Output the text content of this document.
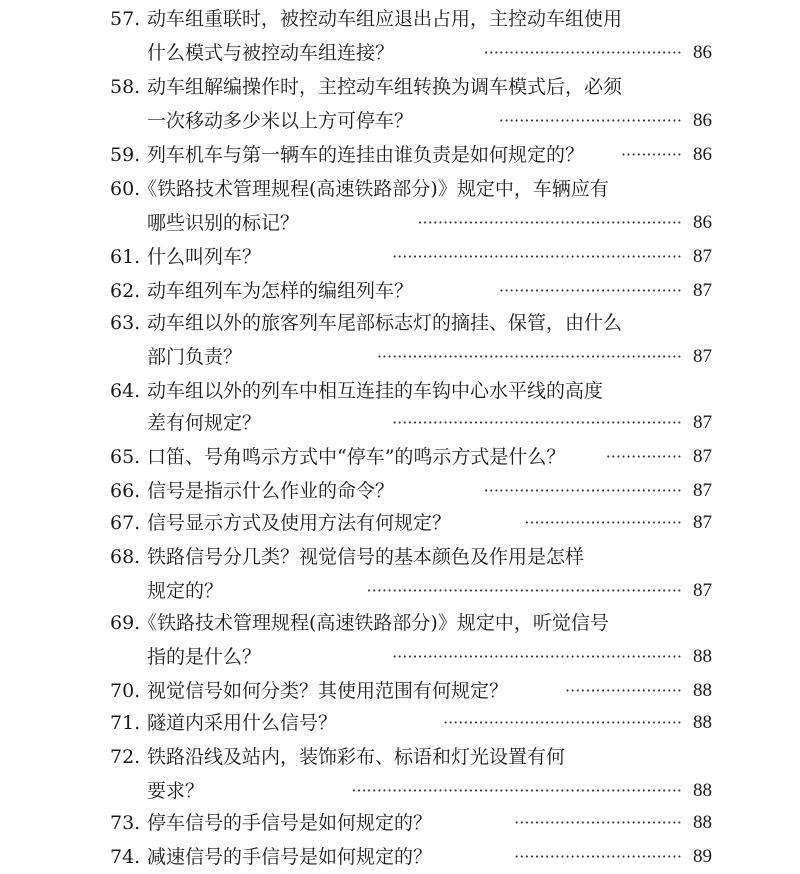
57. 动车组重联时，被控动车组应退出占用，主控动车组使用
什么模式与被控动车组连接？	······································· 86
58. 动车组解编操作时，主控动车组转换为调车模式后，必须
一次移动多少米以上方可停车？	···································· 86
59. 列车机车与第一辆车的连挂由谁负责是如何规定的？	············ 86
60.
《铁路技术管理规程(高速铁路部分)》规定中，车辆应有
哪些识别的标记？	···················································· 86
61. 什么叫列车？	························································· 87
62. 动车组列车为怎样的编组列车？	···································· 87
63. 动车组以外的旅客列车尾部标志灯的摘挂、保管，由什么
部门负责？	···························································· 87
64. 动车组以外的列车中相互连挂的车钩中心水平线的高度
差有何规定？	························································· 87
65. 口笛、号角鸣示方式中“停车”的鸣示方式是什么？	··············· 87
66. 信号是指示什么作业的命令？	······································· 87
67. 信号显示方式及使用方法有何规定？	······························· 87
68. 铁路信号分几类？视觉信号的基本颜色及作用是怎样
规定的？	······························································ 87
69.
《铁路技术管理规程(高速铁路部分)》规定中，听觉信号
指的是什么？	························································· 88
70. 视觉信号如何分类？其使用范围有何规定？	······················· 88
71. 隧道内采用什么信号？	··············································· 88
72. 铁路沿线及站内，装饰彩布、标语和灯光设置有何
要求？	································································· 88
73. 停车信号的手信号是如何规定的？	································· 88
74. 减速信号的手信号是如何规定的？	································· 89
